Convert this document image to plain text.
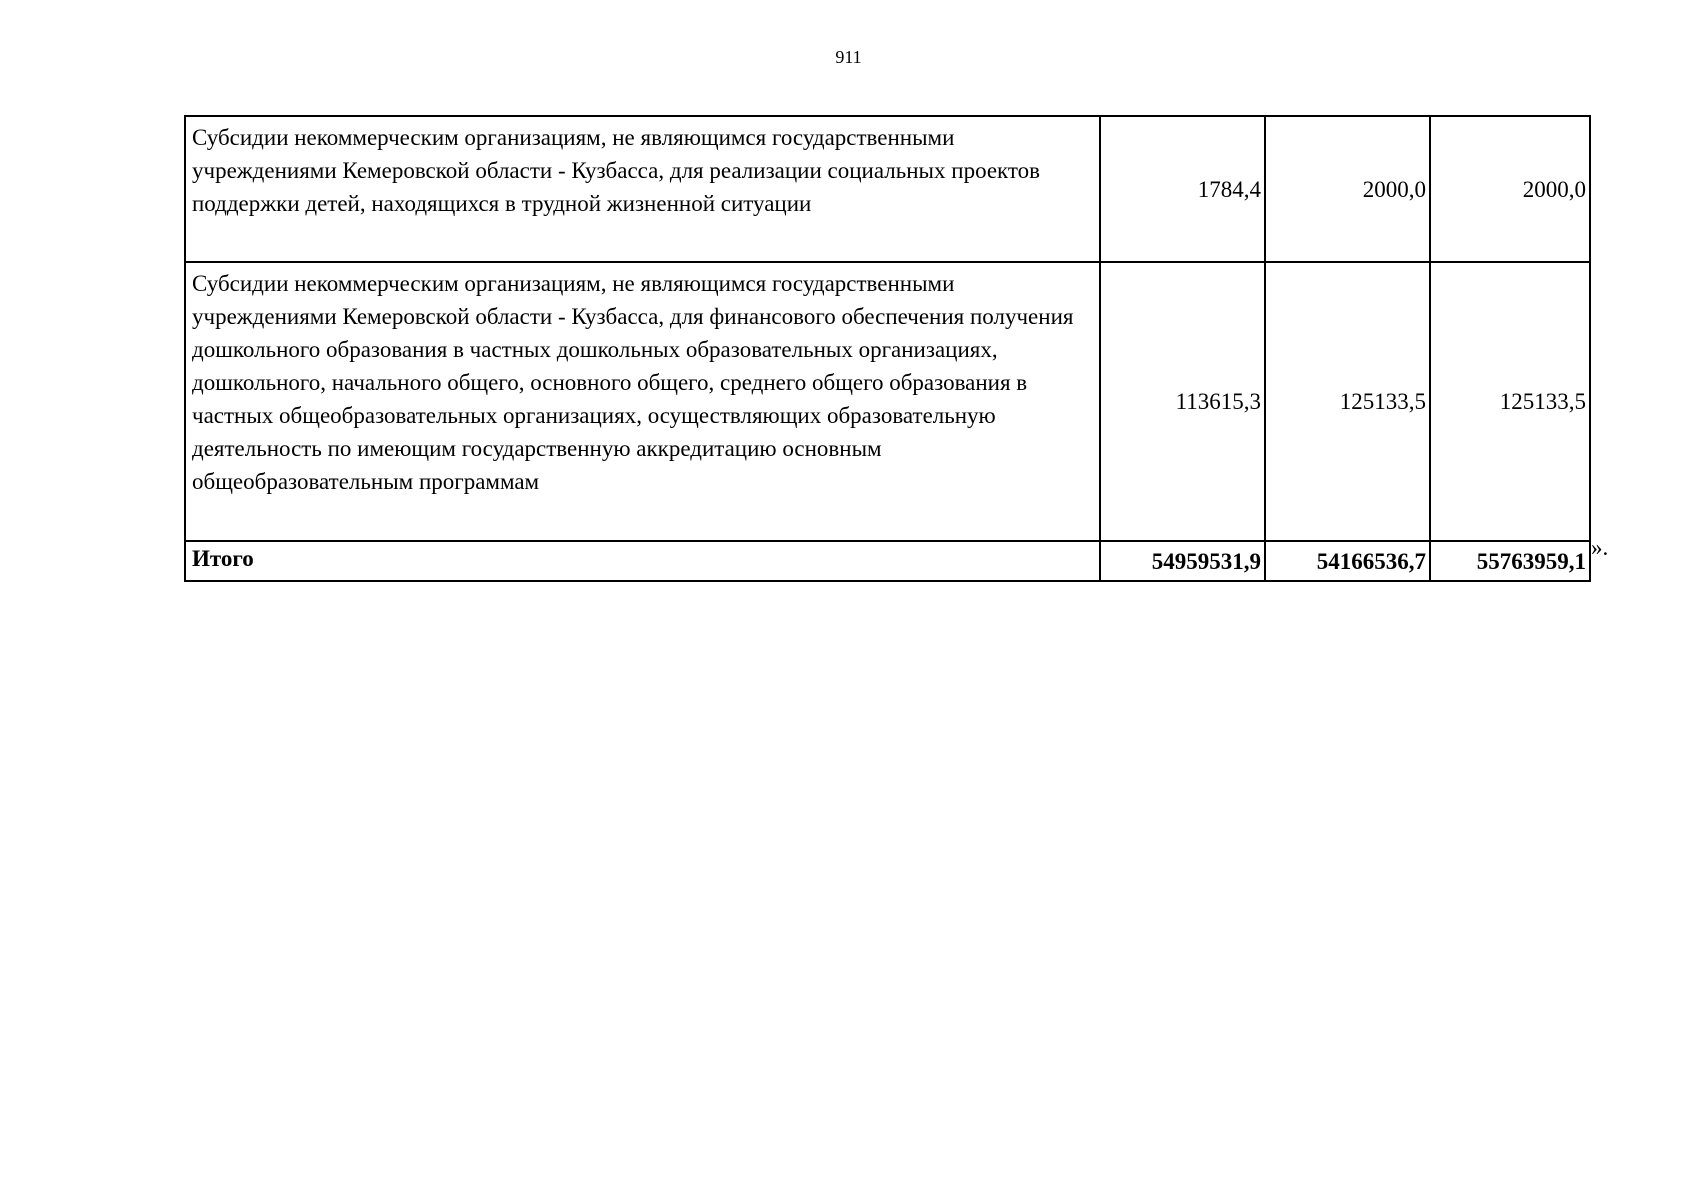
911
Субсидии некоммерческим организациям, не являющимся государственными учреждениями Кемеровской области - Кузбасса, для реализации социальных проектов поддержки детей, находящихся в трудной жизненной ситуации	1784,4	2000,0	2000,0
Субсидии некоммерческим организациям, не являющимся государственными учреждениями Кемеровской области - Кузбасса, для финансового обеспечения получения дошкольного образования в частных дошкольных образовательных организациях, дошкольного, начального общего, основного общего, среднего общего образования в частных общеобразовательных организациях, осуществляющих образовательную деятельность по имеющим государственную аккредитацию основным общеобразовательным программам	113615,3	125133,5	125133,5
Итого	54959531,9	54166536,7	55763959,1
».
